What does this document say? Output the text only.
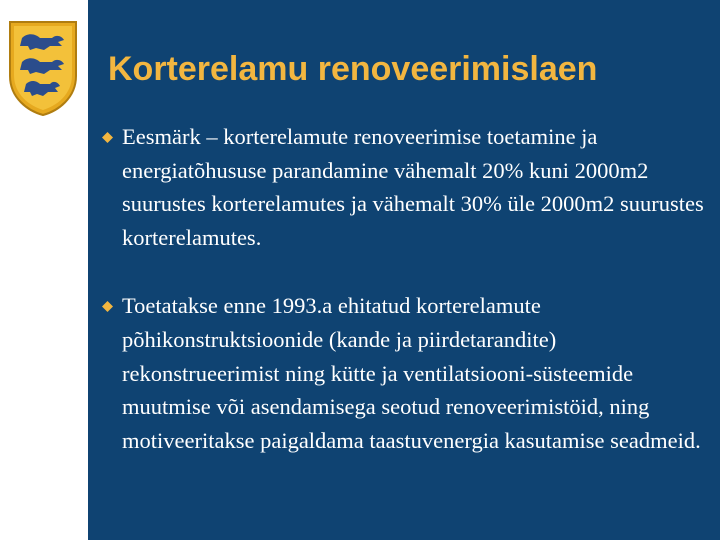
Korterelamu renoveerimislaen
Eesmärk – korterelamute renoveerimise toetamine ja energiatõhususe parandamine vähemalt 20% kuni 2000m2 suurustes korterelamutes ja vähemalt 30% üle 2000m2 suurustes korterelamutes.
Toetatakse enne 1993.a ehitatud korterelamute põhikonstruktsioonide (kande ja piirdetarandite) rekonstrueerimist ning kütte ja ventilatsiooni-süsteemide muutmise või asendamisega seotud renoveerimistöid, ning motiveeritakse paigaldama taastuvenergia kasutamise seadmeid.
